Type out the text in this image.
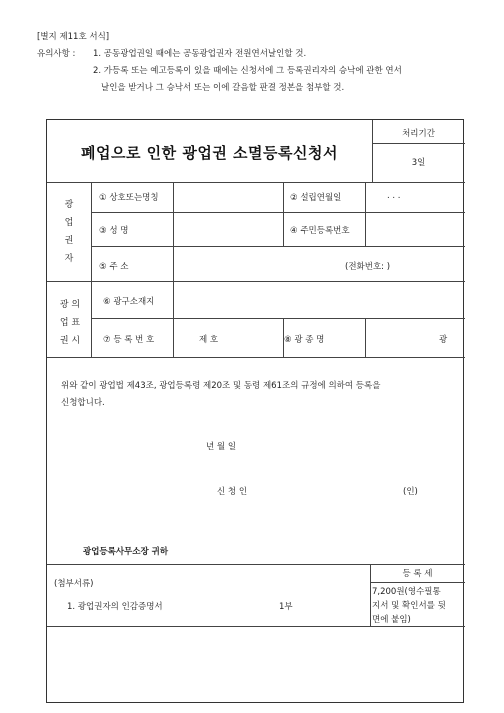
[별지 제11호 서식]
유의사항 : 1. 공동광업권일 때에는 공동광업권자 전원연서날인할 것.
2. 가등록 또는 예고등록이 있을 때에는 신청서에 그 등록권리자의 승낙에 관한 연서
날인을 받거나 그 승낙서 또는 이에 갈음할 판결 정본을 첨부할 것.
폐업으로 인한 광업권 소멸등록신청서
처리기간
3일
광
업
권
자
① 상호또는명칭	② 설립연월일	. . .
③ 성 명	④ 주민등록번호
⑤ 주 소	(전화번호: )
광 의
업 표
권 시
⑥ 광구소재지
⑦ 등 록 번 호	제 호	⑧ 광 종 명	광
위와 같이 광업법 제43조, 광업등록령 제20조 및 동령 제61조의 규정에 의하여 등록을
신청합니다.
년 월 일
신 청 인	(인)
광업등록사무소장 귀하
(첨부서류)
1. 광업권자의 인감증명서	1부
등 록 세
7,200원(영수필통
지서 및 확인서를 뒷
면에 붙임)
